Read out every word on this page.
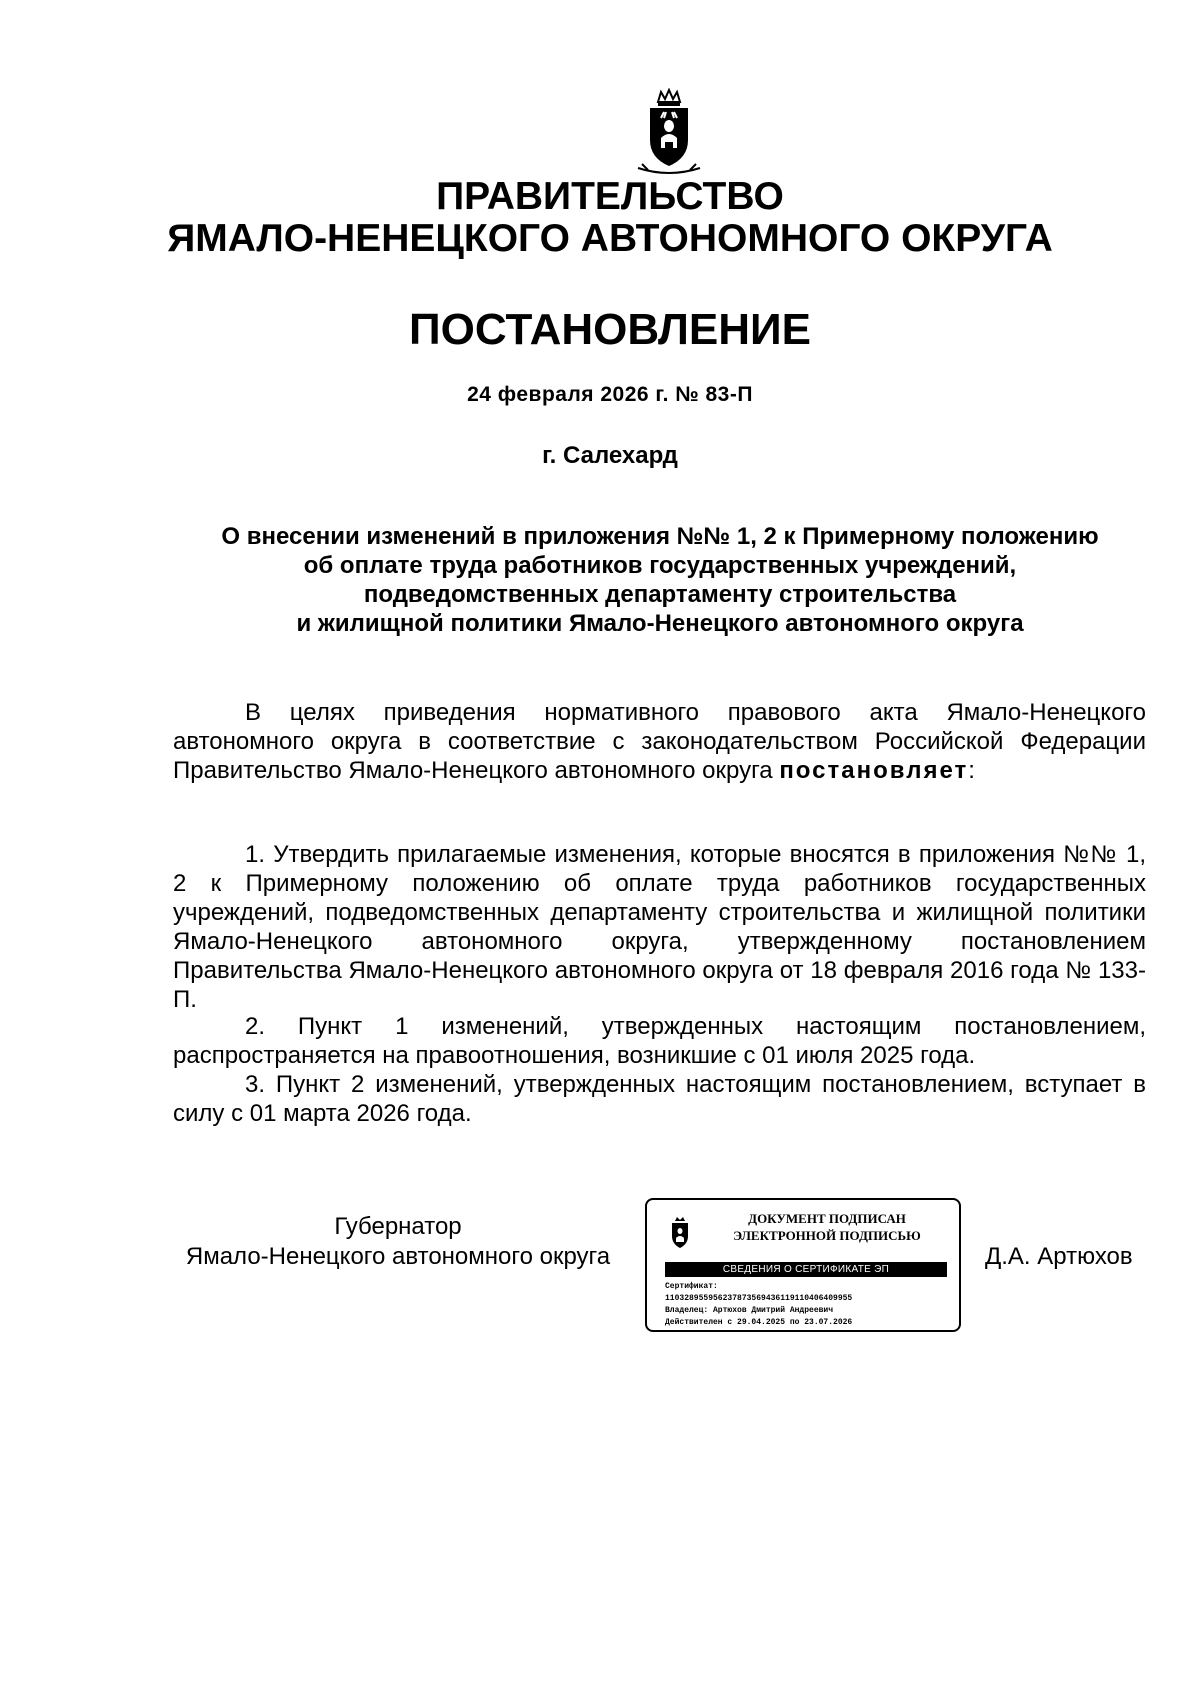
ПРАВИТЕЛЬСТВО
ЯМАЛО-НЕНЕЦКОГО АВТОНОМНОГО ОКРУГА
ПОСТАНОВЛЕНИЕ
24 февраля 2026 г. № 83-П
г. Салехард
О внесении изменений в приложения №№ 1, 2 к Примерному положению
об оплате труда работников государственных учреждений,
подведомственных департаменту строительства
и жилищной политики Ямало-Ненецкого автономного округа

В целях приведения нормативного правового акта Ямало-Ненецкого автономного округа в соответствие с законодательством Российской Федерации Правительство Ямало-Ненецкого автономного округа постановляет:

1. Утвердить прилагаемые изменения, которые вносятся в приложения №№ 1, 2 к Примерному положению об оплате труда работников государственных учреждений, подведомственных департаменту строительства и жилищной политики Ямало-Ненецкого автономного округа, утвержденному постановлением Правительства Ямало-Ненецкого автономного округа от 18 февраля 2016 года № 133-П.

2. Пункт 1 изменений, утвержденных настоящим постановлением, распространяется на правоотношения, возникшие с 01 июля 2025 года.

3. Пункт 2 изменений, утвержденных настоящим постановлением, вступает в силу с 01 марта 2026 года.

Губернатор
Ямало-Ненецкого автономного округа
ДОКУМЕНТ ПОДПИСАН
ЭЛЕКТРОННОЙ ПОДПИСЬЮ
СВЕДЕНИЯ О СЕРТИФИКАТЕ ЭП
Сертификат:
110328955956237873569436119110406409955
Владелец: Артюхов Дмитрий Андреевич
Действителен с 29.04.2025 по 23.07.2026
Д.А. Артюхов
